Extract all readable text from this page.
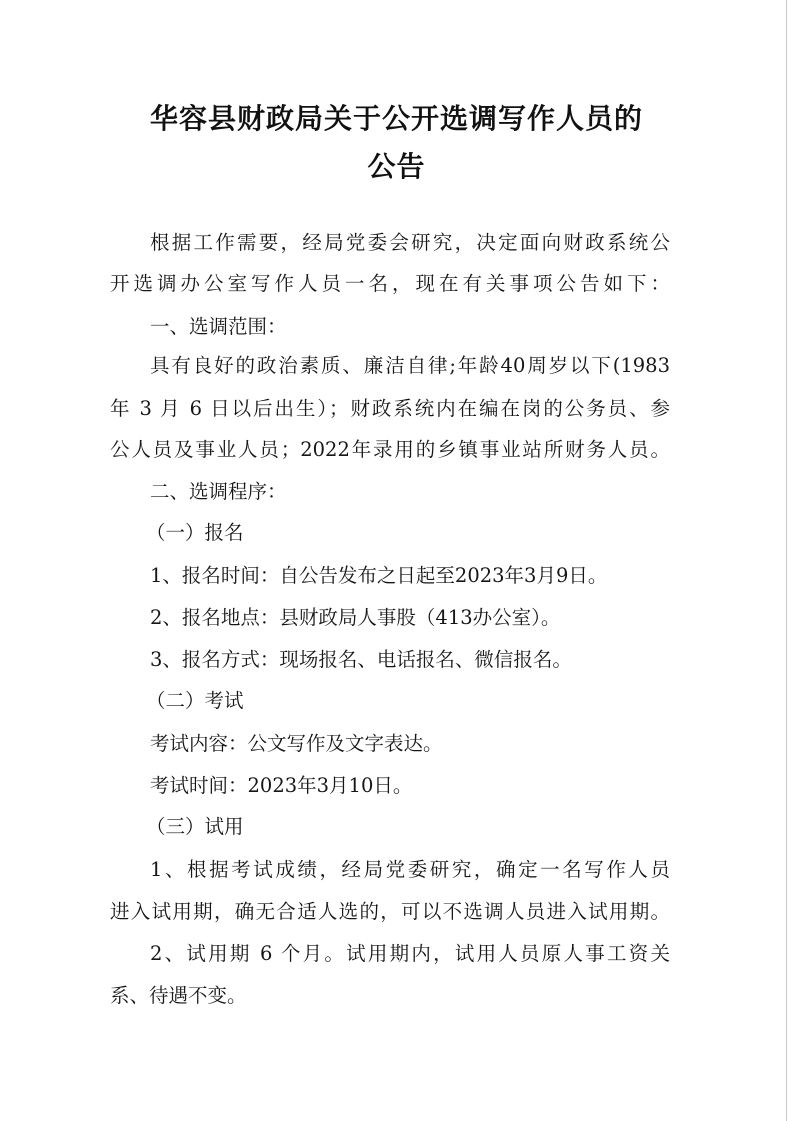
华容县财政局关于公开选调写作人员的
公告
根据工作需要，经局党委会研究，决定面向财政系统公
开选调办公室写作人员一名，现在有关事项公告如下：
一、选调范围：
具有良好的政治素质、廉洁自律;年龄40周岁以下(1983
年 3 月 6 日以后出生）；财政系统内在编在岗的公务员、参
公人员及事业人员；2022年录用的乡镇事业站所财务人员。
二、选调程序：
（一）报名
1、报名时间：自公告发布之日起至2023年3月9日。
2、报名地点：县财政局人事股（413办公室）。
3、报名方式：现场报名、电话报名、微信报名。
（二）考试
考试内容：公文写作及文字表达。
考试时间：2023年3月10日。
（三）试用
1、根据考试成绩，经局党委研究，确定一名写作人员
进入试用期，确无合适人选的，可以不选调人员进入试用期。
2、试用期 6 个月。试用期内，试用人员原人事工资关
系、待遇不变。
